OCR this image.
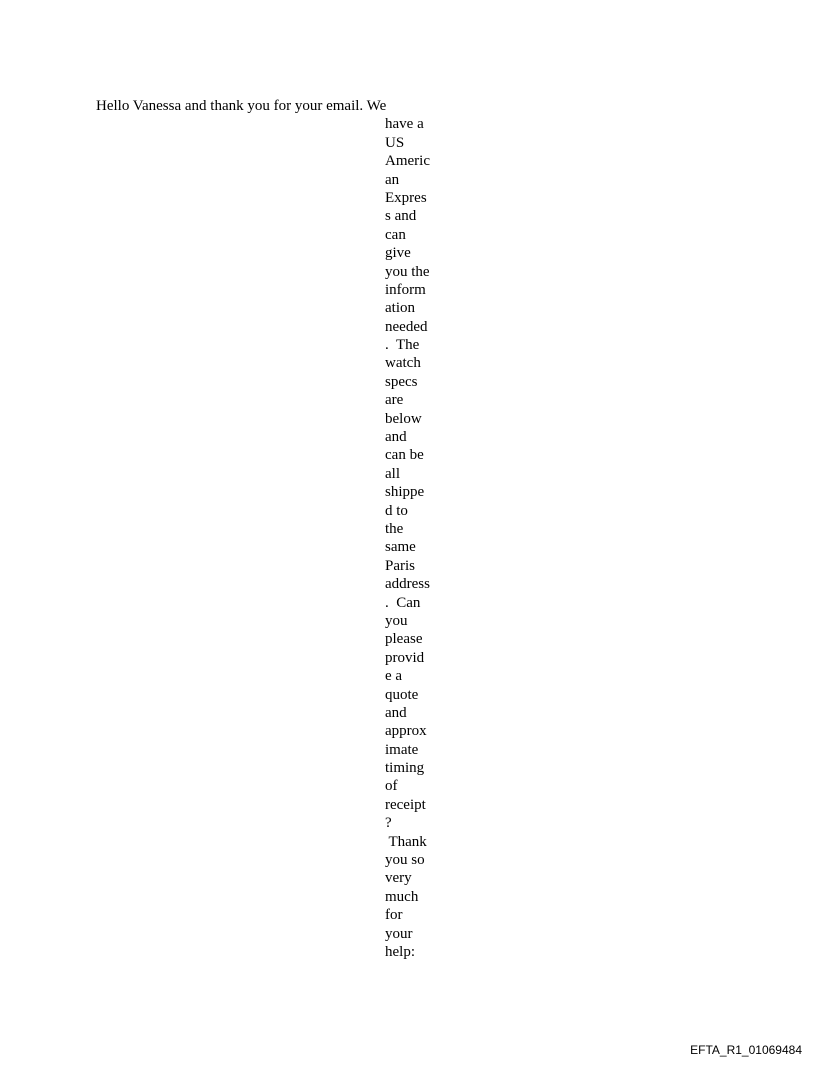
Hello Vanessa and thank you for your email. We
have a
US
Americ
an
Expres
s and
can
give
you the
inform
ation
needed
.  The
watch
specs
are
below
and
can be
all
shippe
d to
the
same
Paris
address
.  Can
you
please
provid
e a
quote
and
approx
imate
timing
of
receipt
?
Thank
you so
very
much
for
your
help:
EFTA_R1_01069484
